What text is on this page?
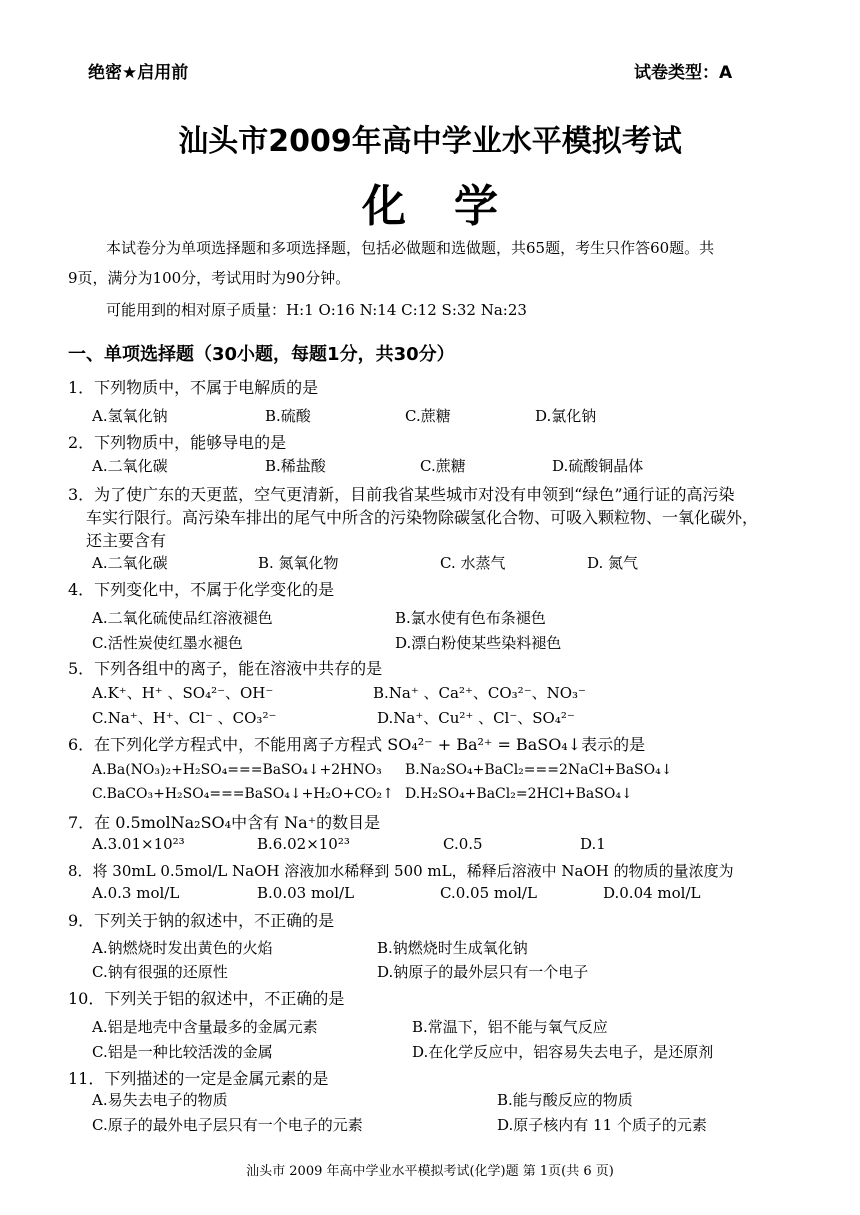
绝密★启用前	试卷类型：A
汕头市2009年高中学业水平模拟考试
化学
本试卷分为单项选择题和多项选择题，包括必做题和选做题，共65题，考生只作答60题。共
9页，满分为100分，考试用时为90分钟。
可能用到的相对原子质量：H:1 O:16 N:14 C:12 S:32 Na:23
一、单项选择题（30小题，每题1分，共30分）
1．下列物质中，不属于电解质的是
A.氢氧化钠	B.硫酸	C.蔗糖	D.氯化钠
2．下列物质中，能够导电的是
A.二氧化碳	B.稀盐酸	C.蔗糖	D.硫酸铜晶体
3．为了使广东的天更蓝，空气更清新，目前我省某些城市对没有申领到“绿色”通行证的高污染
车实行限行。高污染车排出的尾气中所含的污染物除碳氢化合物、可吸入颗粒物、一氧化碳外，
还主要含有
A.二氧化碳	B. 氮氧化物	C. 水蒸气	D. 氮气
4．下列变化中，不属于化学变化的是
A.二氧化硫使品红溶液褪色	B.氯水使有色布条褪色
C.活性炭使红墨水褪色	D.漂白粉使某些染料褪色
5．下列各组中的离子，能在溶液中共存的是
A.K⁺、H⁺ 、SO₄²⁻、OH⁻	B.Na⁺ 、Ca²⁺、CO₃²⁻、NO₃⁻
C.Na⁺、H⁺、Cl⁻ 、CO₃²⁻	D.Na⁺、Cu²⁺ 、Cl⁻、SO₄²⁻
6．在下列化学方程式中，不能用离子方程式 SO₄²⁻ + Ba²⁺ = BaSO₄↓表示的是
A.Ba(NO₃)₂+H₂SO₄===BaSO₄↓+2HNO₃ B.Na₂SO₄+BaCl₂===2NaCl+BaSO₄↓
C.BaCO₃+H₂SO₄===BaSO₄↓+H₂O+CO₂↑ D.H₂SO₄+BaCl₂=2HCl+BaSO₄↓
7．在 0.5molNa₂SO₄中含有 Na⁺的数目是
A.3.01×10²³	B.6.02×10²³	C.0.5	D.1
8．将 30mL 0.5mol/L NaOH 溶液加水稀释到 500 mL，稀释后溶液中 NaOH 的物质的量浓度为
A.0.3 mol/L	B.0.03 mol/L	C.0.05 mol/L	D.0.04 mol/L
9．下列关于钠的叙述中，不正确的是
A.钠燃烧时发出黄色的火焰	B.钠燃烧时生成氧化钠
C.钠有很强的还原性	D.钠原子的最外层只有一个电子
10．下列关于铝的叙述中，不正确的是
A.铝是地壳中含量最多的金属元素	B.常温下，铝不能与氧气反应
C.铝是一种比较活泼的金属	D.在化学反应中，铝容易失去电子，是还原剂
11．下列描述的一定是金属元素的是
A.易失去电子的物质	B.能与酸反应的物质
C.原子的最外电子层只有一个电子的元素	D.原子核内有 11 个质子的元素
汕头市 2009 年高中学业水平模拟考试(化学)题 第 1页(共 6 页)
